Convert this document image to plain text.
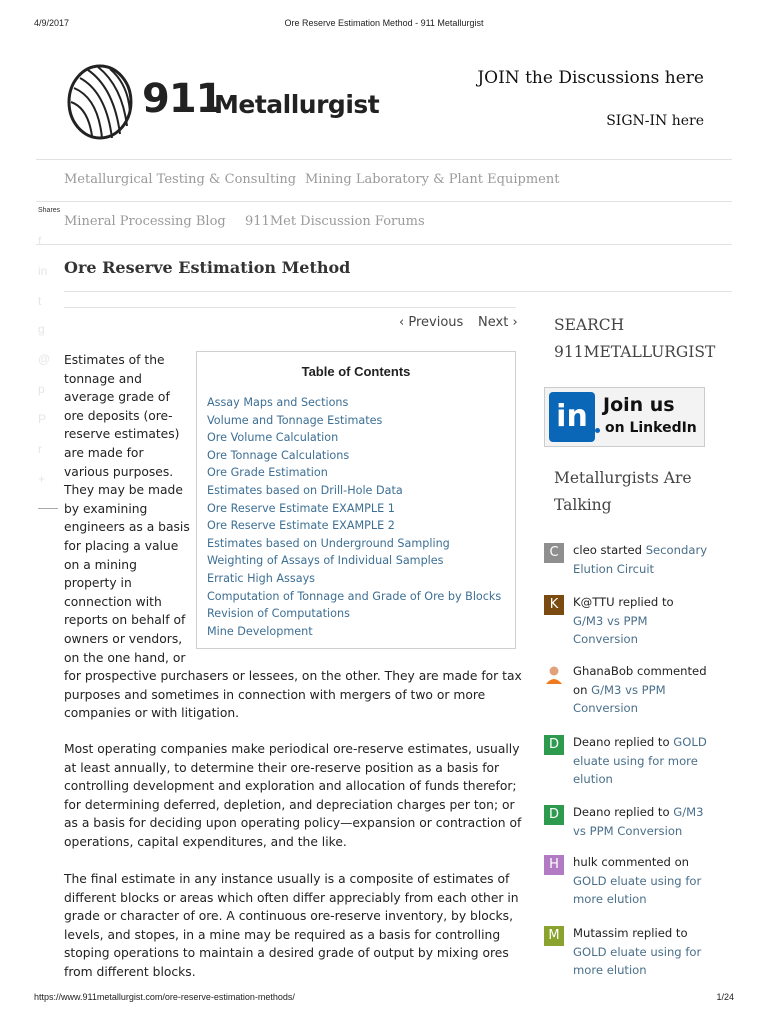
4/9/2017	Ore Reserve Estimation Method - 911 Metallurgist
911
Metallurgist
JOIN the Discussions here
SIGN-IN here
Metallurgical Testing & Consulting Mining Laboratory & Plant Equipment
Mineral Processing Blog 911Met Discussion Forums
Shares
f
in
t
g
@
p
P
r
+
Ore Reserve Estimation Method
‹ Previous Next ›
Table of Contents
Assay Maps and Sections
Volume and Tonnage Estimates
Ore Volume Calculation
Ore Tonnage Calculations
Ore Grade Estimation
Estimates based on Drill-Hole Data
Ore Reserve Estimate EXAMPLE 1
Ore Reserve Estimate EXAMPLE 2
Estimates based on Underground Sampling
Weighting of Assays of Individual Samples
Erratic High Assays
Computation of Tonnage and Grade of Ore by Blocks
Revision of Computations
Mine Development
Estimates of the
tonnage and
average grade of
ore deposits (ore-
reserve estimates)
are made for
various purposes.
They may be made
by examining
engineers as a basis
for placing a value
on a mining
property in
connection with
reports on behalf of
owners or vendors,
on the one hand, or
for prospective purchasers or lessees, on the other. They are made for tax
purposes and sometimes in connection with mergers of two or more
companies or with litigation.
Most operating companies make periodical ore-reserve estimates, usually
at least annually, to determine their ore-reserve position as a basis for
controlling development and exploration and allocation of funds therefor;
for determining deferred, depletion, and depreciation charges per ton; or
as a basis for deciding upon operating policy—expansion or contraction of
operations, capital expenditures, and the like.
The final estimate in any instance usually is a composite of estimates of
different blocks or areas which often differ appreciably from each other in
grade or character of ore. A continuous ore-reserve inventory, by blocks,
levels, and stopes, in a mine may be required as a basis for controlling
stoping operations to maintain a desired grade of output by mixing ores
from different blocks.
SEARCH
911METALLURGIST
in Join us
on LinkedIn
Metallurgists Are
Talking
C	cleo started Secondary
Elution Circuit
K	K@TTU replied to
G/M3 vs PPM
Conversion
GhanaBob commented
on G/M3 vs PPM
Conversion
D	Deano replied to GOLD
eluate using for more
elution
D	Deano replied to G/M3
vs PPM Conversion
H	hulk commented on
GOLD eluate using for
more elution
M	Mutassim replied to
GOLD eluate using for
more elution
https://www.911metallurgist.com/ore-reserve-estimation-methods/	1/24
